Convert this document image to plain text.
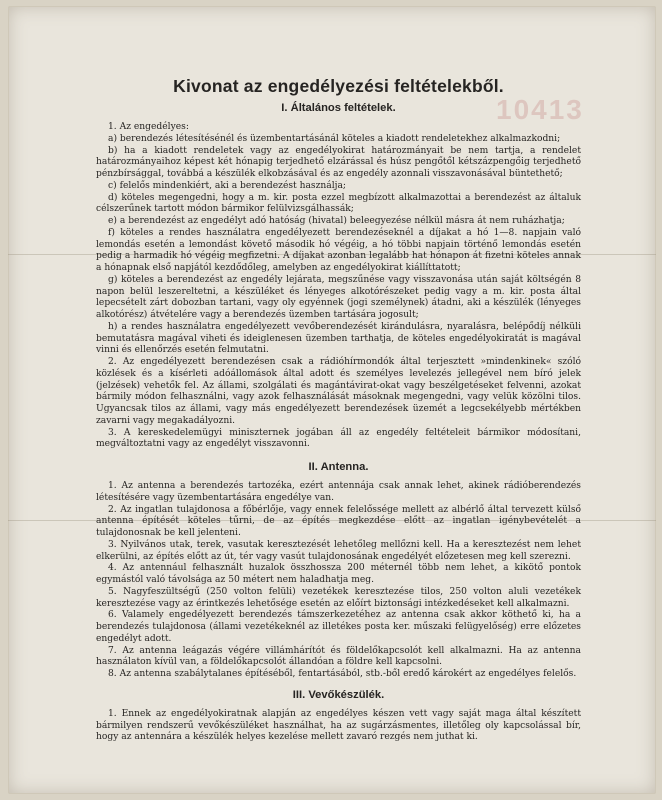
10413
Kivonat az engedélyezési feltételekből.
I. Általános feltételek.

1. Az engedélyes:

a) berendezés létesítésénél és üzembentartásánál köteles a kiadott rendeletekhez alkalmazkodni;

b) ha a kiadott rendeletek vagy az engedélyokirat határozmányait be nem tartja, a rendelet határozmányaihoz képest két hónapig terjedhető elzárással és húsz pengőtől kétszázpengőig terjedhető pénzbírsággal, továbbá a készülék elkobzásával és az engedély azonnali visszavonásával büntethető;

c) felelős mindenkiért, aki a berendezést használja;

d) köteles megengedni, hogy a m. kir. posta ezzel megbízott alkalmazottai a berendezést az általuk célszerűnek tartott módon bármikor felülvizsgálhassák;

e) a berendezést az engedélyt adó hatóság (hivatal) beleegyezése nélkül másra át nem ruházhatja;

f) köteles a rendes használatra engedélyezett berendezéseknél a díjakat a hó 1—8. napjain való lemondás esetén a lemondást követő második hó végéig, a hó többi napjain történő lemondás esetén pedig a harmadik hó végéig megfizetni. A díjakat azonban legalább hat hónapon át fizetni köteles annak a hónapnak első napjától kezdődőleg, amelyben az engedélyokirat kiállíttatott;

g) köteles a berendezést az engedély lejárata, megszűnése vagy visszavonása után saját költségén 8 napon belül leszereltetni, a készüléket és lényeges alkotórészeket pedig vagy a m. kir. posta által lepecsételt zárt dobozban tartani, vagy oly egyénnek (jogi személynek) átadni, aki a készülék (lényeges alkotórész) átvételére vagy a berendezés üzemben tartására jogosult;

h) a rendes használatra engedélyezett vevőberendezését kirándulásra, nyaralásra, belépődíj nélküli bemutatásra magával viheti és ideiglenesen üzemben tarthatja, de köteles engedélyokiratát is magával vinni és ellenőrzés esetén felmutatni.

2. Az engedélyezett berendezésen csak a rádióhírmondók által terjesztett »mindenkinek« szóló közlések és a kísérleti adóállomások által adott és személyes levelezés jellegével nem bíró jelek (jelzések) vehetők fel. Az állami, szolgálati és magántávirat-okat vagy beszélgetéseket felvenni, azokat bármily módon felhasználni, vagy azok felhasználását másoknak megengedni, vagy velük közölni tilos. Ugyancsak tilos az állami, vagy más engedélyezett berendezések üzemét a legcsekélyebb mértékben zavarni vagy megakadályozni.

3. A kereskedelemügyi miniszternek jogában áll az engedély feltételeit bármikor módosítani, megváltoztatni vagy az engedélyt visszavonni.

II. Antenna.

1. Az antenna a berendezés tartozéka, ezért antennája csak annak lehet, akinek rádióberendezés létesítésére vagy üzembentartására engedélye van.

2. Az ingatlan tulajdonosa a főbérlője, vagy ennek felelőssége mellett az albérlő által tervezett külső antenna építését köteles tűrni, de az építés megkezdése előtt az ingatlan igénybevételét a tulajdonosnak be kell jelenteni.

3. Nyilvános utak, terek, vasutak keresztezését lehetőleg mellőzni kell. Ha a keresztezést nem lehet elkerülni, az építés előtt az út, tér vagy vasút tulajdonosának engedélyét előzetesen meg kell szerezni.

4. Az antennául felhasznált huzalok összhossza 200 méternél több nem lehet, a kikötő pontok egymástól való távolsága az 50 métert nem haladhatja meg.

5. Nagyfeszültségű (250 volton felüli) vezetékek keresztezése tilos, 250 volton aluli vezetékek keresztezése vagy az érintkezés lehetősége esetén az előírt biztonsági intézkedéseket kell alkalmazni.

6. Valamely engedélyezett berendezés támszerkezetéhez az antenna csak akkor köthető ki, ha a berendezés tulajdonosa (állami vezetékeknél az illetékes posta ker. műszaki felügyelőség) erre előzetes engedélyt adott.

7. Az antenna leágazás végére villámhárítót és földelőkapcsolót kell alkalmazni. Ha az antenna használaton kívül van, a földelőkapcsolót állandóan a földre kell kapcsolni.

8. Az antenna szabálytalanes építéséből, fentartásából, stb.-ből eredő károkért az engedélyes felelős.

III. Vevőkészülék.

1. Ennek az engedélyokiratnak alapján az engedélyes készen vett vagy saját maga által készített bármilyen rendszerű vevőkészüléket használhat, ha az sugárzásmentes, illetőleg oly kapcsolással bír, hogy az antennára a készülék helyes kezelése mellett zavaró rezgés nem juthat ki.
